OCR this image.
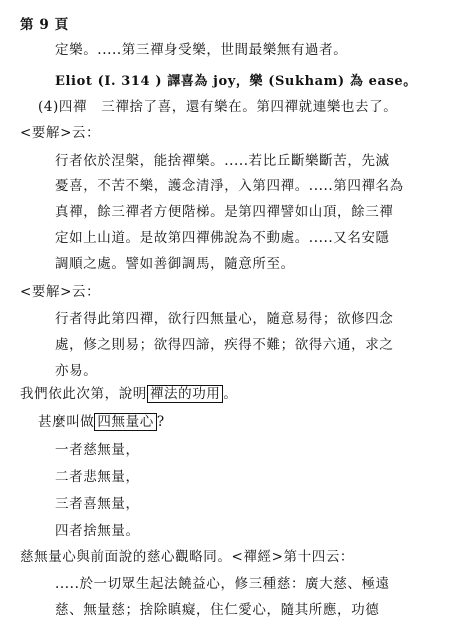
第 9 頁
定樂。.....第三禪身受樂，世間最樂無有過者。
Eliot (I. 314 ) 譯喜為 joy，樂 (Sukham) 為 ease。
(4)四禪　三禪捨了喜，還有樂在。第四禪就連樂也去了。
<要解>云：
行者依於涅槃，能捨禪樂。.....若比丘斷樂斷苦，先滅
憂喜，不苦不樂，護念清淨，入第四禪。.....第四禪名為
真禪，餘三禪者方便階梯。是第四禪譬如山頂，餘三禪
定如上山道。是故第四禪佛說為不動處。.....又名安隱
調順之處。譬如善御調馬，隨意所至。
<要解>云：
行者得此第四禪，欲行四無量心，隨意易得；欲修四念
處，修之則易；欲得四諦，疾得不難；欲得六通，求之
亦易。
我們依此次第，說明 禪法的功用 。
甚麼叫做 四無量心 ?
一者慈無量，
二者悲無量，
三者喜無量，
四者捨無量。
慈無量心與前面說的慈心觀略同。<禪經>第十四云：
.....於一切眾生起法饒益心，修三種慈：廣大慈、極遠
慈、無量慈；捨除瞋癡，住仁愛心，隨其所應，功德
